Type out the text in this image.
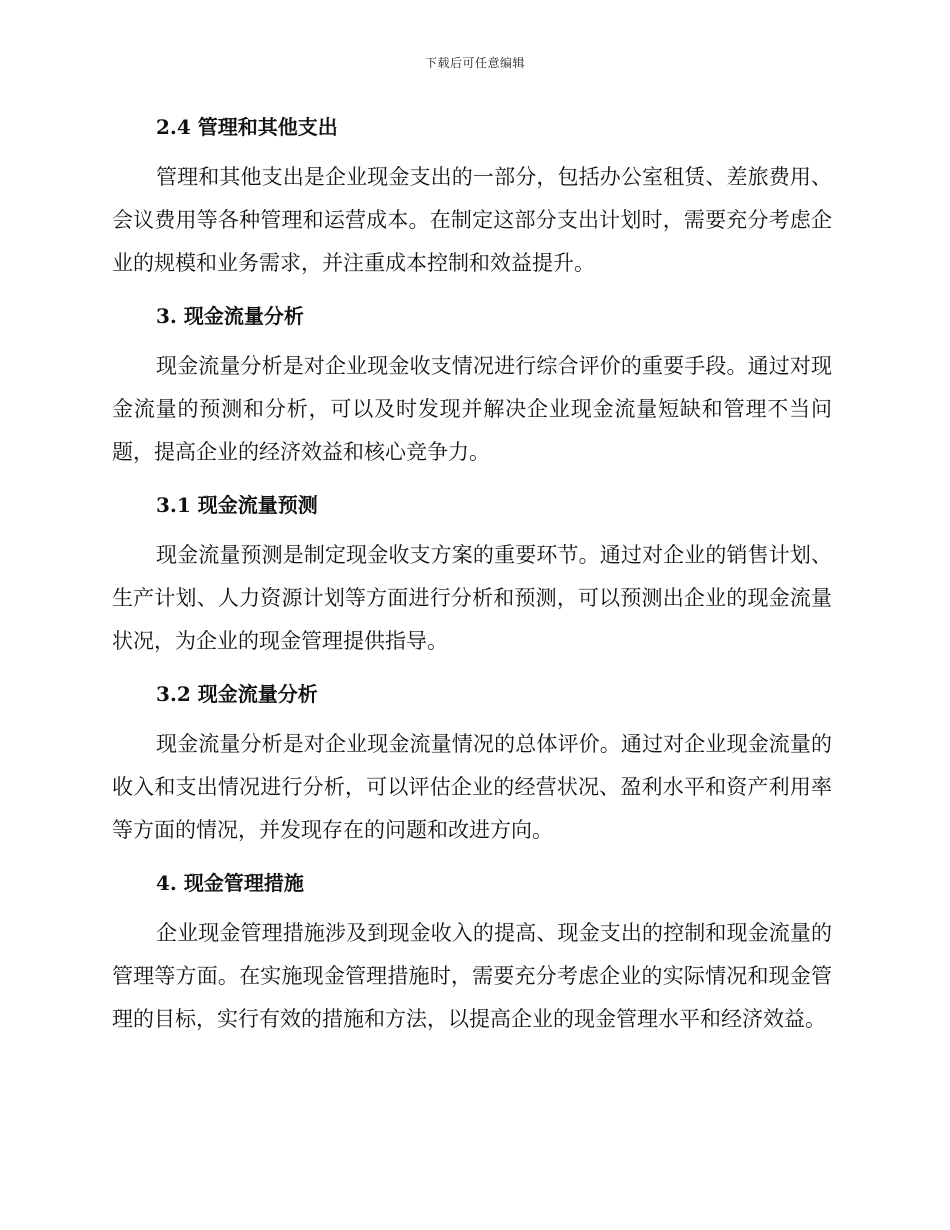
下载后可任意编辑
2.4 管理和其他支出

管理和其他支出是企业现金支出的一部分，包括办公室租赁、差旅费用、会议费用等各种管理和运营成本。在制定这部分支出计划时，需要充分考虑企业的规模和业务需求，并注重成本控制和效益提升。

3. 现金流量分析

现金流量分析是对企业现金收支情况进行综合评价的重要手段。通过对现金流量的预测和分析，可以及时发现并解决企业现金流量短缺和管理不当问题，提高企业的经济效益和核心竞争力。

3.1 现金流量预测

现金流量预测是制定现金收支方案的重要环节。通过对企业的销售计划、生产计划、人力资源计划等方面进行分析和预测，可以预测出企业的现金流量状况，为企业的现金管理提供指导。

3.2 现金流量分析

现金流量分析是对企业现金流量情况的总体评价。通过对企业现金流量的收入和支出情况进行分析，可以评估企业的经营状况、盈利水平和资产利用率等方面的情况，并发现存在的问题和改进方向。

4. 现金管理措施

企业现金管理措施涉及到现金收入的提高、现金支出的控制和现金流量的管理等方面。在实施现金管理措施时，需要充分考虑企业的实际情况和现金管理的目标，实行有效的措施和方法，以提高企业的现金管理水平和经济效益。
